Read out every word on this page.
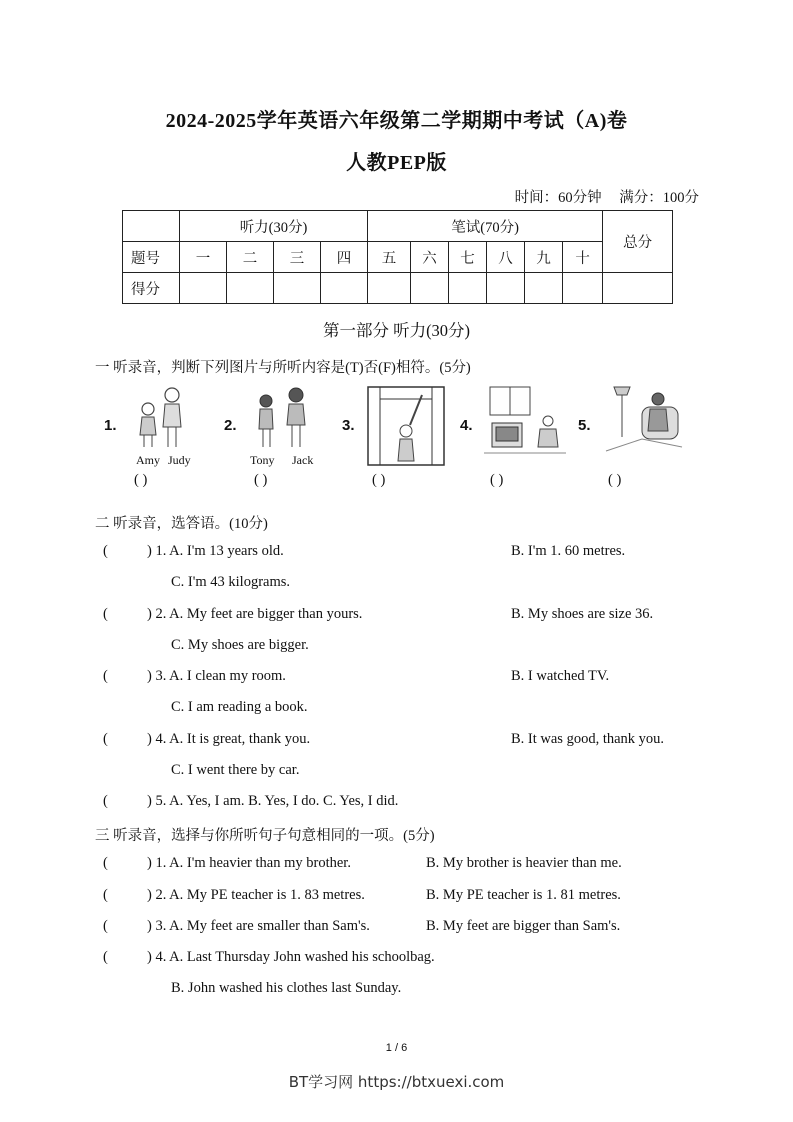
2024-2025学年英语六年级第二学期期中考试（A)卷
人教PEP版
时间：60分钟 满分：100分
	听力(30分)				笔试(70分)						总分
题号	一	二	三	四	五	六	七	八	九	十	
得分											
第一部分 听力(30分)
一 听录音，判断下列图片与所听内容是(T)否(F)相符。(5分)
1.
Amy Judy
( )
2.
Tony Jack
( )
3.
( )
4.
( )
5.
( )
二 听录音，选答语。(10分)
(	) 1. A. I'm 13 years old.	B. I'm 1. 60 metres.
C. I'm 43 kilograms.
(	) 2. A. My feet are bigger than yours.	B. My shoes are size 36.
C. My shoes are bigger.
(	) 3. A. I clean my room.	B. I watched TV.
C. I am reading a book.
(	) 4. A. It is great, thank you.	B. It was good, thank you.
C. I went there by car.
(	) 5. A. Yes, I am. B. Yes, I do. C. Yes, I did.
三 听录音，选择与你所听句子句意相同的一项。(5分)
(	) 1. A. I'm heavier than my brother.	B. My brother is heavier than me.
(	) 2. A. My PE teacher is 1. 83 metres.	B. My PE teacher is 1. 81 metres.
(	) 3. A. My feet are smaller than Sam's.	B. My feet are bigger than Sam's.
(	) 4. A. Last Thursday John washed his schoolbag.
B. John washed his clothes last Sunday.
1 / 6
BT学习网 https://btxuexi.com
